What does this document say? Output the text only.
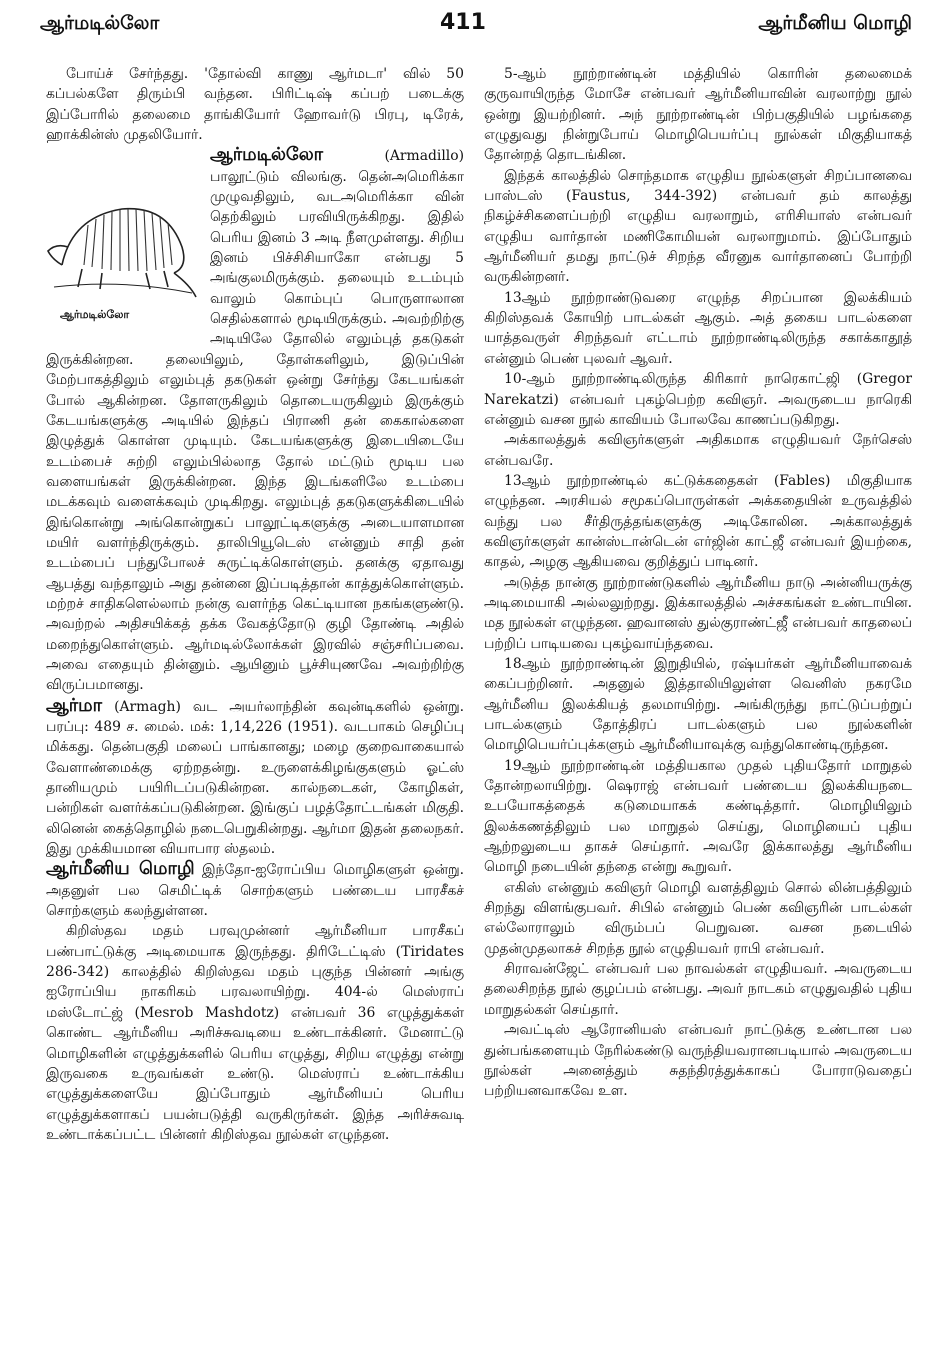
ஆர்மடில்லோ	411	ஆர்மீனிய மொழி

போய்ச் சேர்ந்தது. 'தோல்வி காணு ஆர்மடா' வில் 50 கப்பல்களே திரும்பி வந்தன. பிரிட்டிஷ் கப்பற் படைக்கு இப்போரில் தலைமை தாங்கியோர் ஹோவர்டு பிரபு, டிரேக், ஹாக்கின்ஸ் முதலியோர்.

ஆர்மடில்லோ
ஆர்மடில்லோ
(Armadillo) பாலூட்டும் விலங்கு. தென்அமெரிக்கா முழுவதிலும், வடஅமெரிக்கா வின் தெற்கிலும் பரவியிருக்கிறது. இதில் பெரிய இனம் 3 அடி நீளமுள்ளது. சிறிய இனம் பிச்சிசியாகோ என்பது 5 அங்குலமிருக்கும். தலையும் உடம்பும் வாலும் கொம்புப் பொருளாலான செதில்களால் மூடியிருக்கும். அவற்றிற்கு அடியிலே தோலில் எலும்புத் தகடுகள் இருக்கின்றன. தலையிலும், தோள்களிலும், இடுப்பின் மேற்பாகத்திலும் எலும்புத் தகடுகள் ஒன்று சேர்ந்து கேடயங்கள் போல் ஆகின்றன. தோளருகிலும் தொடையருகிலும் இருக்கும் கேடயங்களுக்கு அடியில் இந்தப் பிராணி தன் கைகால்களை இழுத்துக் கொள்ள முடியும். கேடயங்களுக்கு இடையிடையே உடம்பைச் சுற்றி எலும்பில்லாத தோல் மட்டும் மூடிய பல வளையங்கள் இருக்கின்றன. இந்த இடங்களிலே உடம்பை மடக்கவும் வளைக்கவும் முடிகிறது. எலும்புத் தகடுகளுக்கிடையில் இங்கொன்று அங்கொன்றுகப் பாலூட்டிகளுக்கு அடையாளமான மயிர் வளர்ந்திருக்கும். தாலிபியூடெஸ் என்னும் சாதி தன் உடம்பைப் பந்துபோலச் சுருட்டிக்கொள்ளும். தனக்கு ஏதாவது ஆபத்து வந்தாலும் அது தன்னை இப்படித்தான் காத்துக்கொள்ளும். மற்றச் சாதிகளெல்லாம் நன்கு வளர்ந்த கெட்டியான நகங்களுண்டு. அவற்றல் அதிசயிக்கத் தக்க வேகத்தோடு குழி தோண்டி அதில் மறைந்துகொள்ளும். ஆர்மடில்லோக்கள் இரவில் சஞ்சரிப்பவை. அவை எதையும் தின்னும். ஆயினும் பூச்சியுணவே அவற்றிற்கு விருப்பமானது.

ஆர்மா (Armagh) வட அயர்லாந்தின் கவுன்டிகளில் ஒன்று. பரப்பு: 489 ச. மைல். மக்: 1,14,226 (1951). வடபாகம் செழிப்பு மிக்கது. தென்பகுதி மலைப் பாங்கானது; மழை குறைவாகையால் வேளாண்மைக்கு ஏற்றதன்று. உருளைக்கிழங்குகளும் ஓட்ஸ் தானியமும் பயிரிடப்படுகின்றன. கால்நடைகள், கோழிகள், பன்றிகள் வளர்க்கப்படுகின்றன. இங்குப் பழத்தோட்டங்கள் மிகுதி. லினென் கைத்தொழில் நடைபெறுகின்றது. ஆர்மா இதன் தலைநகர். இது முக்கியமான வியாபார ஸ்தலம்.

ஆர்மீனிய மொழி இந்தோ-ஐரோப்பிய மொழிகளுள் ஒன்று. அதனுள் பல செமிட்டிக் சொற்களும் பண்டைய பாரசீகச் சொற்களும் கலந்துள்ளன.

கிறிஸ்தவ மதம் பரவுமுன்னர் ஆர்மீனியா பாரசீகப் பண்பாட்டுக்கு அடிமையாக இருந்தது. திரிடேட்டிஸ் (Tiridates 286-342) காலத்தில் கிறிஸ்தவ மதம் புகுந்த பின்னர் அங்கு ஐரோப்பிய நாகரிகம் பரவலாயிற்று. 404-ல் மெஸ்ராப் மஸ்டோட்ஜ் (Mesrob Mashdotz) என்பவர் 36 எழுத்துக்கள் கொண்ட ஆர்மீனிய அரிச்சுவடியை உண்டாக்கினர். மேனாட்டு மொழிகளின் எழுத்துக்களில் பெரிய எழுத்து, சிறிய எழுத்து என்று இருவகை உருவங்கள் உண்டு. மெஸ்ராப் உண்டாக்கிய எழுத்துக்களையே இப்போதும் ஆர்மீனியப் பெரிய எழுத்துக்களாகப் பயன்படுத்தி வருகிருர்கள். இந்த அரிச்சுவடி உண்டாக்கப்பட்ட பின்னர் கிறிஸ்தவ நூல்கள் எழுந்தன.

5-ஆம் நூற்றாண்டின் மத்தியில் கொரின் தலைமைக் குருவாயிருந்த மோசே என்பவர் ஆர்மீனியாவின் வரலாற்று நூல் ஒன்று இயற்றினர். அந் நூற்றாண்டின் பிற்பகுதியில் பழங்கதை எழுதுவது நின்றுபோய் மொழிபெயர்ப்பு நூல்கள் மிகுதியாகத் தோன்றத் தொடங்கின.

இந்தக் காலத்தில் சொந்தமாக எழுதிய நூல்களுள் சிறப்பானவை பாஸ்டஸ் (Faustus, 344-392) என்பவர் தம் காலத்து நிகழ்ச்சிகளைப்பற்றி எழுதிய வரலாறும், எரிசியாஸ் என்பவர் எழுதிய வார்தான் மணிகோமியன் வரலாறுமாம். இப்போதும் ஆர்மீனியர் தமது நாட்டுச் சிறந்த வீரனுக வார்தானைப் போற்றி வருகின்றனர்.

13ஆம் நூற்றாண்டுவரை எழுந்த சிறப்பான இலக்கியம் கிறிஸ்தவக் கோயிற் பாடல்கள் ஆகும். அத் தகைய பாடல்களை யாத்தவருள் சிறந்தவர் எட்டாம் நூற்றாண்டிலிருந்த சகாக்காதூத் என்னும் பெண் புலவர் ஆவர்.

10-ஆம் நூற்றாண்டிலிருந்த கிரிகார் நாரெகாட்ஜி (Gregor Narekatzi) என்பவர் புகழ்பெற்ற கவிஞர். அவருடைய நாரெகி என்னும் வசன நூல் காவியம் போலவே காணப்படுகிறது.

அக்காலத்துக் கவிஞர்களுள் அதிகமாக எழுதியவர் நேர்செஸ் என்பவரே.

13ஆம் நூற்றாண்டில் கட்டுக்கதைகள் (Fables) மிகுதியாக எழுந்தன. அரசியல் சமூகப்பொருள்கள் அக்கதையின் உருவத்தில் வந்து பல சீர்திருத்தங்களுக்கு அடிகோலின. அக்காலத்துக் கவிஞர்களுள் கான்ஸ்டான்டென் எர்ஜின் காட்ஜீ என்பவர் இயற்கை, காதல், அழகு ஆகியவை குறித்துப் பாடினர்.

அடுத்த நான்கு நூற்றாண்டுகளில் ஆர்மீனிய நாடு அன்னியருக்கு அடிமையாகி அல்லலுற்றது. இக்காலத்தில் அச்சகங்கள் உண்டாயின. மத நூல்கள் எழுந்தன. ஹவானஸ் துல்குராண்ட்ஜீ என்பவர் காதலைப் பற்றிப் பாடியவை புகழ்வாய்ந்தவை.

18ஆம் நூற்றாண்டின் இறுதியில், ரஷ்யர்கள் ஆர்மீனியாவைக் கைப்பற்றினர். அதனுல் இத்தாலியிலுள்ள வெனிஸ் நகரமே ஆர்மீனிய இலக்கியத் தலமாயிற்று. அங்கிருந்து நாட்டுப்பற்றுப் பாடல்களும் தோத்திரப் பாடல்களும் பல நூல்களின் மொழிபெயர்ப்புக்களும் ஆர்மீனியாவுக்கு வந்துகொண்டிருந்தன.

19ஆம் நூற்றாண்டின் மத்தியகால முதல் புதியதோர் மாறுதல் தோன்றலாயிற்று. ஷெராஜ் என்பவர் பண்டைய இலக்கியநடை உபயோகத்தைக் கடுமையாகக் கண்டித்தார். மொழியிலும் இலக்கணத்திலும் பல மாறுதல் செய்து, மொழியைப் புதிய ஆற்றலுடைய தாகச் செய்தார். அவரே இக்காலத்து ஆர்மீனிய மொழி நடையின் தந்தை என்று கூறுவர்.

எகிஸ் என்னும் கவிஞர் மொழி வளத்திலும் சொல் லின்பத்திலும் சிறந்து விளங்குபவர். சிபில் என்னும் பெண் கவிஞரின் பாடல்கள் எல்லோராலும் விரும்பப் பெறுவன. வசன நடையில் முதன்முதலாகச் சிறந்த நூல் எழுதியவர் ராபி என்பவர்.

சிராவன்ஜேட் என்பவர் பல நாவல்கள் எழுதியவர். அவருடைய தலைசிறந்த நூல் குழப்பம் என்பது. அவர் நாடகம் எழுதுவதில் புதிய மாறுதல்கள் செய்தார்.

அவட்டிஸ் ஆரோனியஸ் என்பவர் நாட்டுக்கு உண்டான பல துன்பங்களையும் நேரில்கண்டு வருந்தியவரானபடியால் அவருடைய நூல்கள் அனைத்தும் சுதந்திரத்துக்காகப் போராடுவதைப் பற்றியனவாகவே உள.
